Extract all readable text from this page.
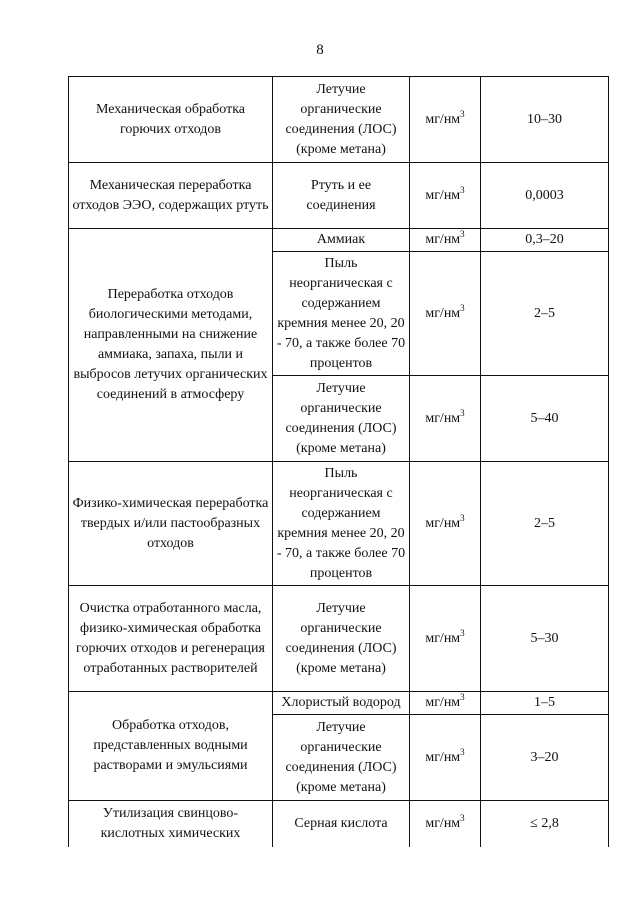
8
Механическая обработка горючих отходов	Летучие органические соединения (ЛОС) (кроме метана)	$мг/нм^3$	10–30
Механическая переработка отходов ЭЭО, содержащих ртуть	Ртуть и ее соединения	$мг/нм^3$	0,0003
Переработка отходов биологическими методами, направленными на снижение аммиака, запаха, пыли и выбросов летучих органических соединений в атмосферу	Аммиак	$мг/нм^3$	0,3–20
	Пыль неорганическая с содержанием кремния менее 20, 20 - 70, а также более 70 процентов	$мг/нм^3$	2–5
	Летучие органические соединения (ЛОС) (кроме метана)	$мг/нм^3$	5–40
Физико-химическая переработка твердых и/или пастообразных отходов	Пыль неорганическая с содержанием кремния менее 20, 20 - 70, а также более 70 процентов	$мг/нм^3$	2–5
Очистка отработанного масла, физико-химическая обработка горючих отходов и регенерация отработанных растворителей	Летучие органические соединения (ЛОС) (кроме метана)	$мг/нм^3$	5–30
Обработка отходов, представленных водными растворами и эмульсиями	Хлористый водород	$мг/нм^3$	1–5
	Летучие органические соединения (ЛОС) (кроме метана)	$мг/нм^3$	3–20
Утилизация свинцово-кислотных химических	Серная кислота	$мг/нм^3$	≤ 2,8
